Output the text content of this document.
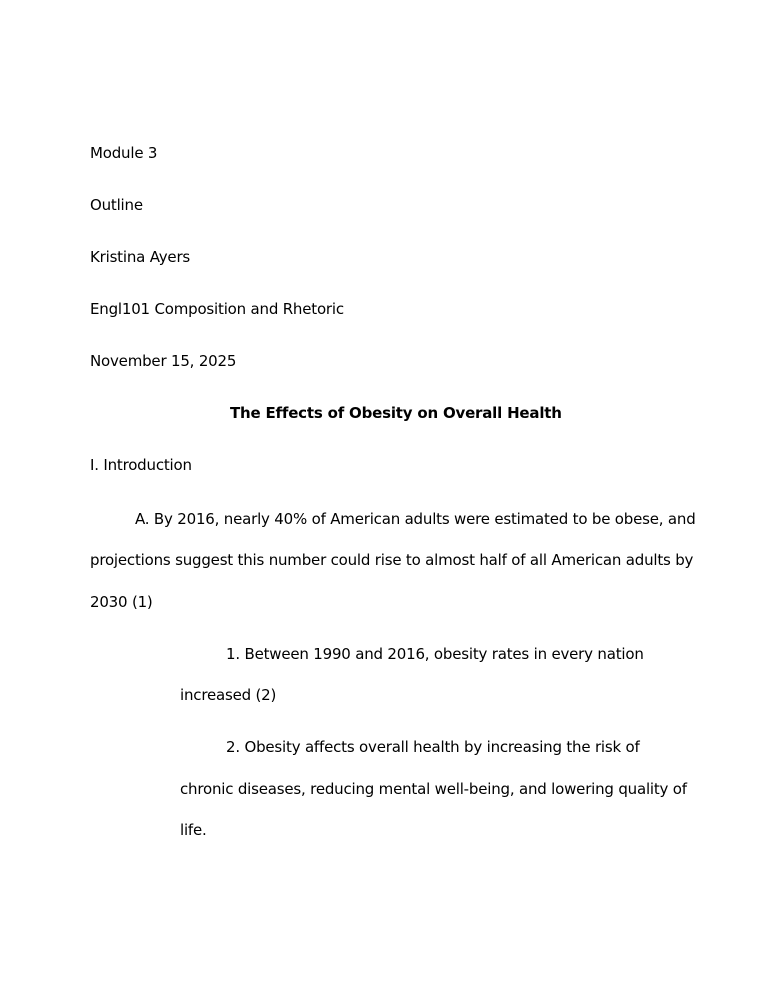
Module 3
Outline
Kristina Ayers
Engl101 Composition and Rhetoric
November 15, 2025
The Effects of Obesity on Overall Health
I. Introduction
A. By 2016, nearly 40% of American adults were estimated to be obese, and
projections suggest this number could rise to almost half of all American adults by
2030 (1)
1. Between 1990 and 2016, obesity rates in every nation
increased (2)
2. Obesity affects overall health by increasing the risk of
chronic diseases, reducing mental well-being, and lowering quality of
life.
